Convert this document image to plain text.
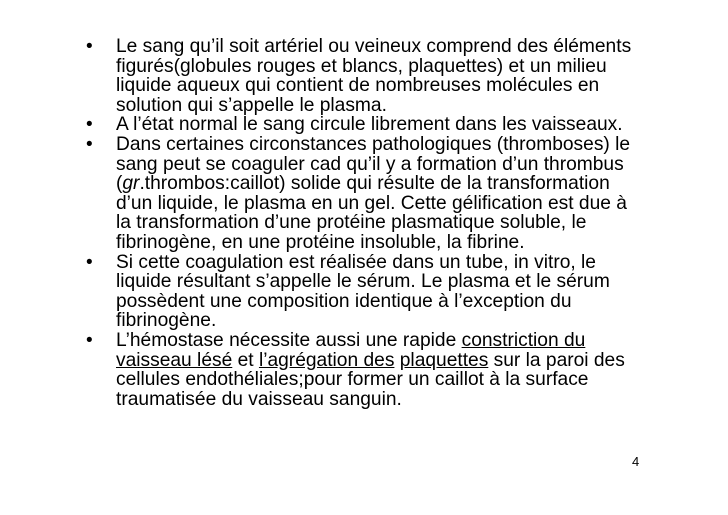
• Le sang qu’il soit artériel ou veineux comprend des éléments figurés(globules rouges et blancs, plaquettes) et un milieu liquide aqueux qui contient de nombreuses molécules en solution qui s’appelle le plasma.
• A l’état normal le sang circule librement dans les vaisseaux.
• Dans certaines circonstances pathologiques (thromboses) le sang peut se coaguler cad qu’il y a formation d’un thrombus (gr.thrombos:caillot) solide qui résulte de la transformation d’un liquide, le plasma en un gel. Cette gélification est due à la transformation d’une protéine plasmatique soluble, le fibrinogène, en une protéine insoluble, la fibrine.
• Si cette coagulation est réalisée dans un tube, in vitro, le liquide résultant s’appelle le sérum. Le plasma et le sérum possèdent une composition identique à l’exception du fibrinogène.
• L’hémostase nécessite aussi une rapide constriction du vaisseau lésé et l’agrégation des plaquettes sur la paroi des cellules endothéliales;pour former un caillot à la surface traumatisée du vaisseau sanguin.
4
